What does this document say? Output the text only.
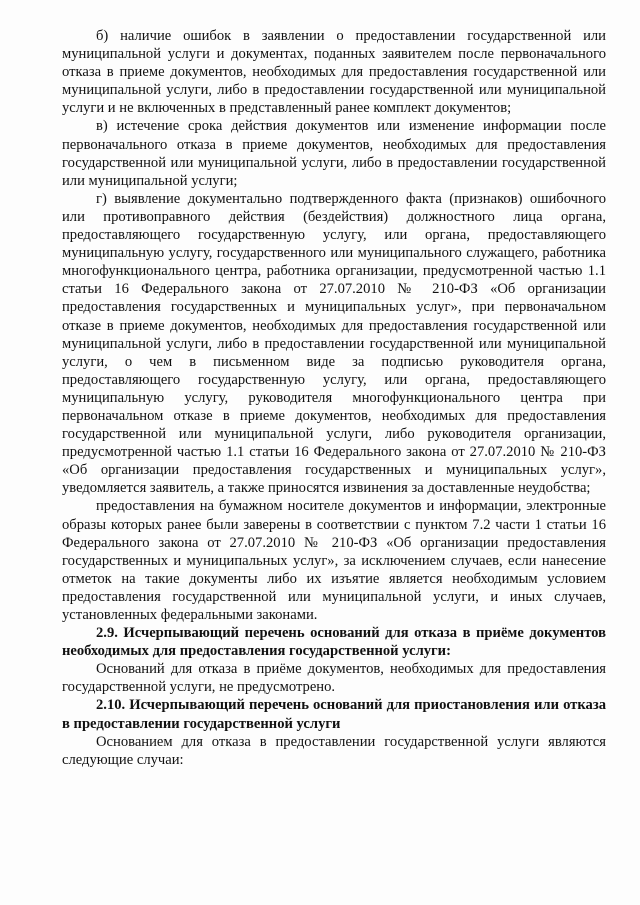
б) наличие ошибок в заявлении о предоставлении государственной или муниципальной услуги и документах, поданных заявителем после первоначального отказа в приеме документов, необходимых для предоставления государственной или муниципальной услуги, либо в предоставлении государственной или муниципальной услуги и не включенных в представленный ранее комплект документов;

в) истечение срока действия документов или изменение информации после первоначального отказа в приеме документов, необходимых для предоставления государственной или муниципальной услуги, либо в предоставлении государственной или муниципальной услуги;

г) выявление документально подтвержденного факта (признаков) ошибочного или противоправного действия (бездействия) должностного лица органа, предоставляющего государственную услугу, или органа, предоставляющего муниципальную услугу, государственного или муниципального служащего, работника многофункционального центра, работника организации, предусмотренной частью 1.1 статьи 16 Федерального закона от 27.07.2010 № 210-ФЗ «Об организации предоставления государственных и муниципальных услуг», при первоначальном отказе в приеме документов, необходимых для предоставления государственной или муниципальной услуги, либо в предоставлении государственной или муниципальной услуги, о чем в письменном виде за подписью руководителя органа, предоставляющего государственную услугу, или органа, предоставляющего муниципальную услугу, руководителя многофункционального центра при первоначальном отказе в приеме документов, необходимых для предоставления государственной или муниципальной услуги, либо руководителя организации, предусмотренной частью 1.1 статьи 16 Федерального закона от 27.07.2010 № 210-ФЗ «Об организации предоставления государственных и муниципальных услуг», уведомляется заявитель, а также приносятся извинения за доставленные неудобства;

предоставления на бумажном носителе документов и информации, электронные образы которых ранее были заверены в соответствии с пунктом 7.2 части 1 статьи 16 Федерального закона от 27.07.2010 № 210-ФЗ «Об организации предоставления государственных и муниципальных услуг», за исключением случаев, если нанесение отметок на такие документы либо их изъятие является необходимым условием предоставления государственной или муниципальной услуги, и иных случаев, установленных федеральными законами.

2.9. Исчерпывающий перечень оснований для отказа в приёме документов необходимых для предоставления государственной услуги:

Оснований для отказа в приёме документов, необходимых для предоставления государственной услуги, не предусмотрено.

2.10. Исчерпывающий перечень оснований для приостановления или отказа в предоставлении государственной услуги

Основанием для отказа в предоставлении государственной услуги являются следующие случаи:
